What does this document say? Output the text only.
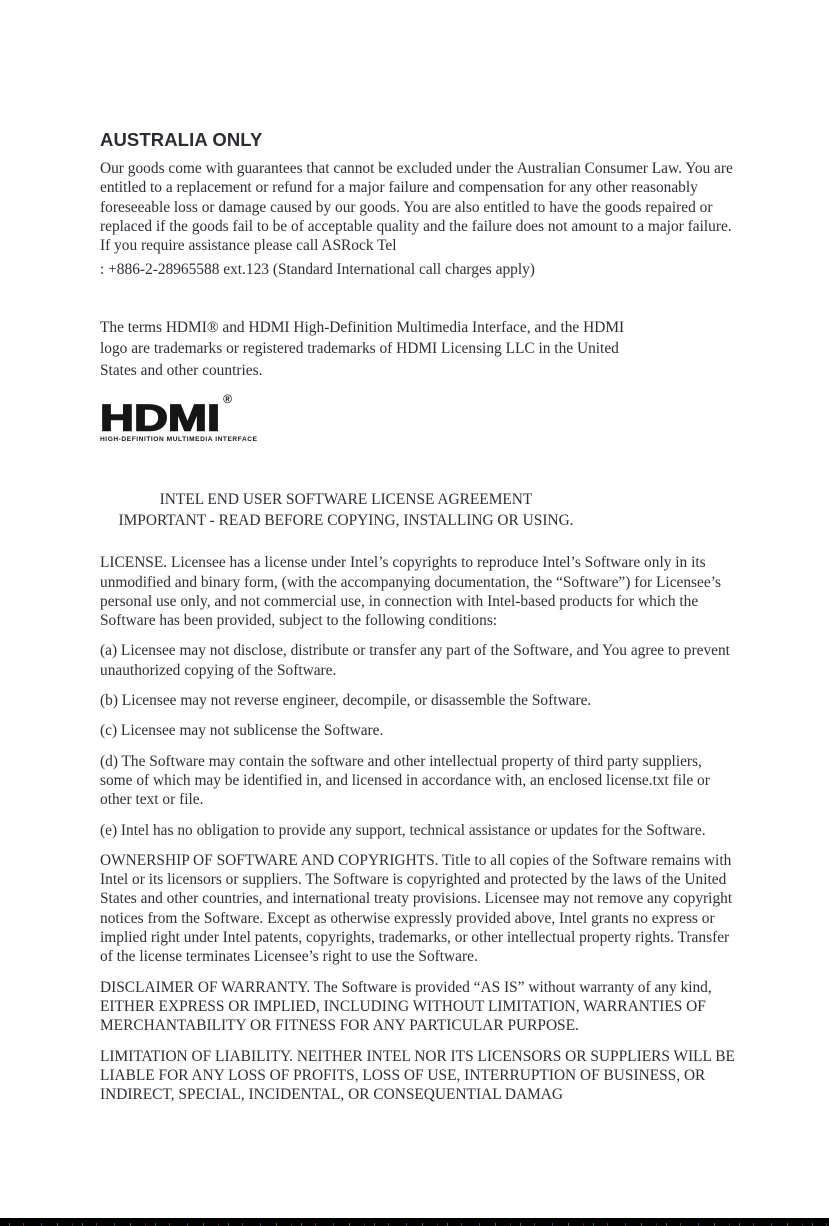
AUSTRALIA ONLY

Our goods come with guarantees that cannot be excluded under the Australian Consumer Law. You are entitled to a replacement or refund for a major failure and compensation for any other reasonably foreseeable loss or damage caused by our goods. You are also entitled to have the goods repaired or replaced if the goods fail to be of acceptable quality and the failure does not amount to a major failure. If you require assistance please call ASRock Tel

: +886-2-28965588 ext.123 (Standard International call charges apply)

The terms HDMI® and HDMI High-Definition Multimedia Interface, and the HDMI
logo are trademarks or registered trademarks of HDMI Licensing LLC in the United
States and other countries.
HDMI ®
HIGH-DEFINITION MULTIMEDIA INTERFACE
INTEL END USER SOFTWARE LICENSE AGREEMENT
IMPORTANT - READ BEFORE COPYING, INSTALLING OR USING.

LICENSE. Licensee has a license under Intel’s copyrights to reproduce Intel’s Software only in its unmodified and binary form, (with the accompanying documentation, the “Software”) for Licensee’s personal use only, and not commercial use, in connection with Intel-based products for which the Software has been provided, subject to the following conditions:

(a) Licensee may not disclose, distribute or transfer any part of the Software, and You agree to prevent unauthorized copying of the Software.

(b) Licensee may not reverse engineer, decompile, or disassemble the Software.

(c) Licensee may not sublicense the Software.

(d) The Software may contain the software and other intellectual property of third party suppliers, some of which may be identified in, and licensed in accordance with, an enclosed license.txt file or other text or file.

(e) Intel has no obligation to provide any support, technical assistance or updates for the Software.

OWNERSHIP OF SOFTWARE AND COPYRIGHTS. Title to all copies of the Software remains with Intel or its licensors or suppliers. The Software is copyrighted and protected by the laws of the United States and other countries, and international treaty provisions. Licensee may not remove any copyright notices from the Software. Except as otherwise expressly provided above, Intel grants no express or implied right under Intel patents, copyrights, trademarks, or other intellectual property rights. Transfer of the license terminates Licensee’s right to use the Software.

DISCLAIMER OF WARRANTY. The Software is provided “AS IS” without warranty of any kind, EITHER EXPRESS OR IMPLIED, INCLUDING WITHOUT LIMITATION, WARRANTIES OF MERCHANTABILITY OR FITNESS FOR ANY PARTICULAR PURPOSE.

LIMITATION OF LIABILITY. NEITHER INTEL NOR ITS LICENSORS OR SUPPLIERS WILL BE LIABLE FOR ANY LOSS OF PROFITS, LOSS OF USE, INTERRUPTION OF BUSINESS, OR INDIRECT, SPECIAL, INCIDENTAL, OR CONSEQUENTIAL DAMAG
